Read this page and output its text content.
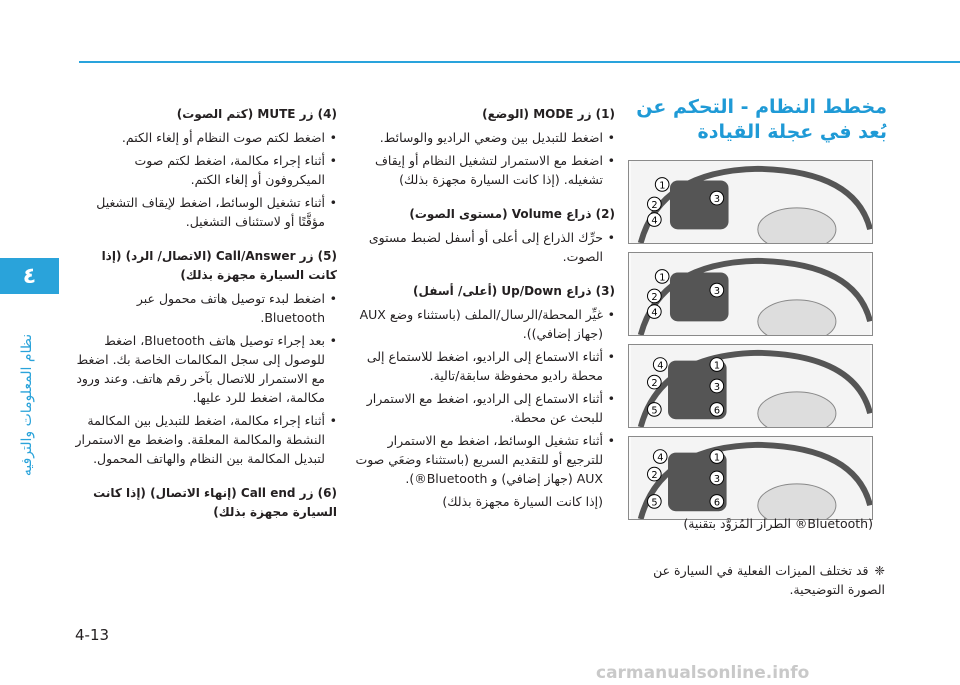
٤
نظام المعلومات والترفيه
مخطط النظام - التحكم عن بُعد في عجلة القيادة
1
2
3
4

1
2
3
4

1
2	3
4
5	6

1
2	3
4
5	6
(Bluetooth® الطراز المُزوَّد بتقنية)
❈قد تختلف الميزات الفعلية في السيارة عن الصورة التوضيحية.

(1) زر MODE (الوضع)

• اضغط للتبديل بين وضعي الراديو والوسائط.
• اضغط مع الاستمرار لتشغيل النظام أو إيقاف تشغيله. (إذا كانت السيارة مجهزة بذلك)

(2) ذراع Volume (مستوى الصوت)

• حرِّك الذراع إلى أعلى أو أسفل لضبط مستوى الصوت.

(3) ذراع Up/Down (أعلى/ أسفل)

• غيِّر المحطة/الرسال/الملف (باستثناء وضع AUX (جهاز إضافي)).
• أثناء الاستماع إلى الراديو، اضغط للاستماع إلى محطة راديو محفوظة سابقة/تالية.
• أثناء الاستماع إلى الراديو، اضغط مع الاستمرار للبحث عن محطة.
• أثناء تشغيل الوسائط، اضغط مع الاستمرار للترجيع أو للتقديم السريع (باستثناء وضعَي صوت AUX (جهاز إضافي) و Bluetooth®).
(إذا كانت السيارة مجهزة بذلك)

(4) زر MUTE (كتم الصوت)

• اضغط لكتم صوت النظام أو إلغاء الكتم.
• أثناء إجراء مكالمة، اضغط لكتم صوت الميكروفون أو إلغاء الكتم.
• أثناء تشغيل الوسائط، اضغط لإيقاف التشغيل مؤقَّتًا أو لاستئناف التشغيل.

(5) زر Call/Answer (الاتصال/ الرد) (إذا كانت السيارة مجهزة بذلك)

• اضغط لبدء توصيل هاتف محمول عبر Bluetooth.
• بعد إجراء توصيل هاتف Bluetooth، اضغط للوصول إلى سجل المكالمات الخاصة بك. اضغط مع الاستمرار للاتصال بآخر رقم هاتف. وعند ورود مكالمة، اضغط للرد عليها.
• أثناء إجراء مكالمة، اضغط للتبديل بين المكالمة النشطة والمكالمة المعلقة. واضغط مع الاستمرار لتبديل المكالمة بين النظام والهاتف المحمول.

(6) زر Call end (إنهاء الاتصال) (إذا كانت السيارة مجهزة بذلك)

4-13
carmanualsonline.info
